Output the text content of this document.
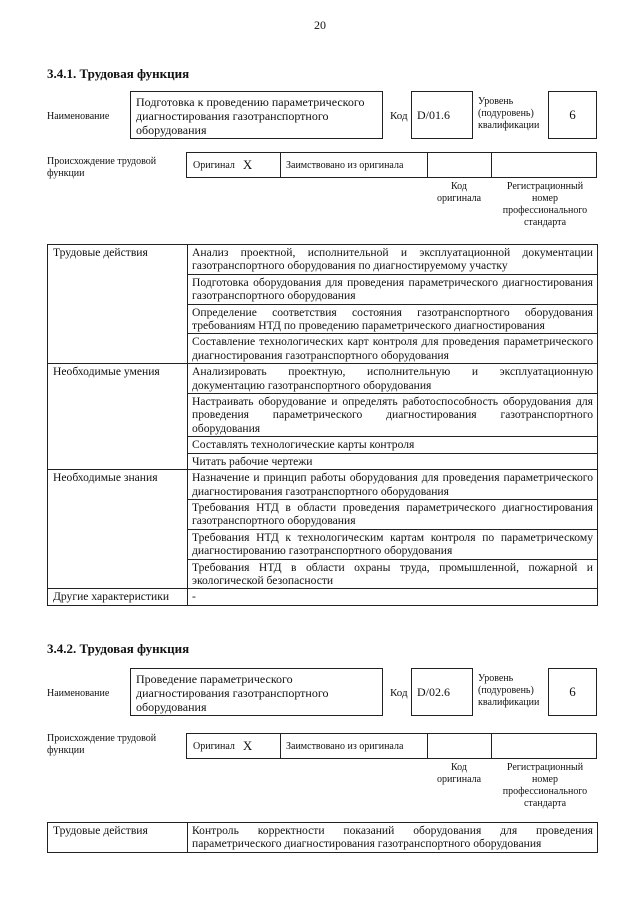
20
3.4.1. Трудовая функция
Наименование
Подготовка к проведению параметрического диагностирования газотранспортного оборудования
Код D/01.6
Уровень (подуровень) квалификации
6
Происхождение трудовой функции
Оригинал X	Заимствовано из оригинала
Код оригинала
Регистрационный номер профессионального стандарта
Трудовые действия	Анализ проектной, исполнительной и эксплуатационной документации газотранспортного оборудования по диагностируемому участку
	Подготовка оборудования для проведения параметрического диагностирования газотранспортного оборудования
	Определение соответствия состояния газотранспортного оборудования требованиям НТД по проведению параметрического диагностирования
	Составление технологических карт контроля для проведения параметрического диагностирования газотранспортного оборудования
Необходимые умения	Анализировать проектную, исполнительную и эксплуатационную документацию газотранспортного оборудования
	Настраивать оборудование и определять работоспособность оборудования для проведения параметрического диагностирования газотранспортного оборудования
	Составлять технологические карты контроля
	Читать рабочие чертежи
Необходимые знания	Назначение и принцип работы оборудования для проведения параметрического диагностирования газотранспортного оборудования
	Требования НТД в области проведения параметрического диагностирования газотранспортного оборудования
	Требования НТД к технологическим картам контроля по параметрическому диагностированию газотранспортного оборудования
	Требования НТД в области охраны труда, промышленной, пожарной и экологической безопасности
Другие характеристики	-
3.4.2. Трудовая функция
Наименование
Проведение параметрического диагностирования газотранспортного оборудования
Код D/02.6
Уровень (подуровень) квалификации
6
Происхождение трудовой функции	Оригинал X	Заимствовано из оригинала
Код оригинала
Регистрационный номер профессионального стандарта
Трудовые действия	Контроль корректности показаний оборудования для проведения параметрического диагностирования газотранспортного оборудования
